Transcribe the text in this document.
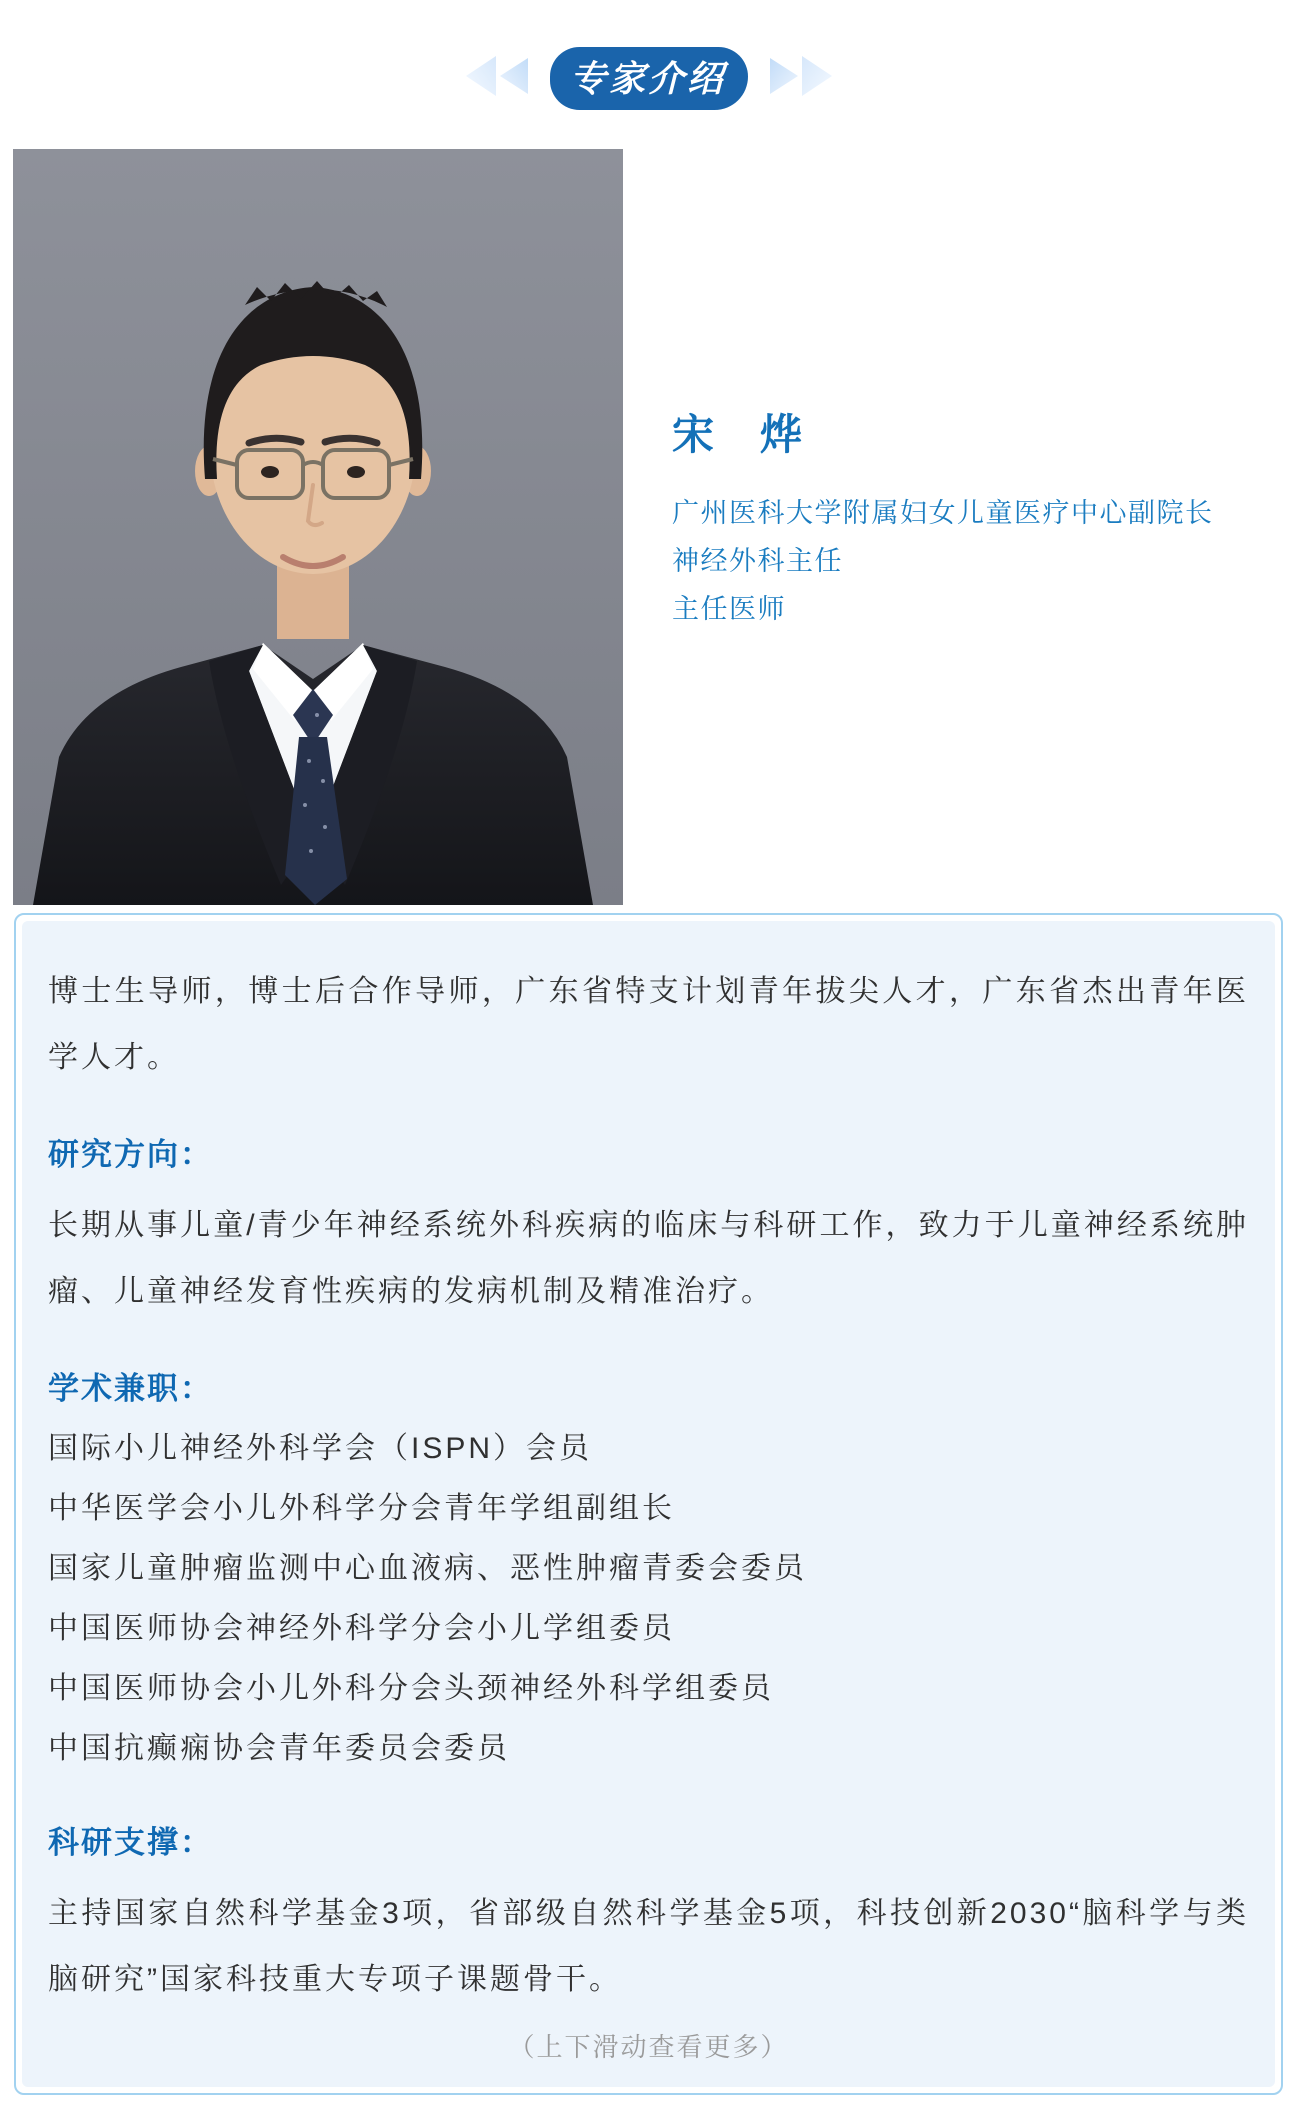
专家介绍
宋　烨
广州医科大学附属妇女儿童医疗中心副院长
神经外科主任
主任医师

博士生导师，博士后合作导师，广东省特支计划青年拔尖人才，广东省杰出青年医学人才。

研究方向：

长期从事儿童/青少年神经系统外科疾病的临床与科研工作，致力于儿童神经系统肿瘤、儿童神经发育性疾病的发病机制及精准治疗。

学术兼职：
国际小儿神经外科学会（ISPN）会员
中华医学会小儿外科学分会青年学组副组长
国家儿童肿瘤监测中心血液病、恶性肿瘤青委会委员
中国医师协会神经外科学分会小儿学组委员
中国医师协会小儿外科分会头颈神经外科学组委员
中国抗癫痫协会青年委员会委员
科研支撑：

主持国家自然科学基金3项，省部级自然科学基金5项，科技创新2030“脑科学与类脑研究”国家科技重大专项子课题骨干。

（上下滑动查看更多）
